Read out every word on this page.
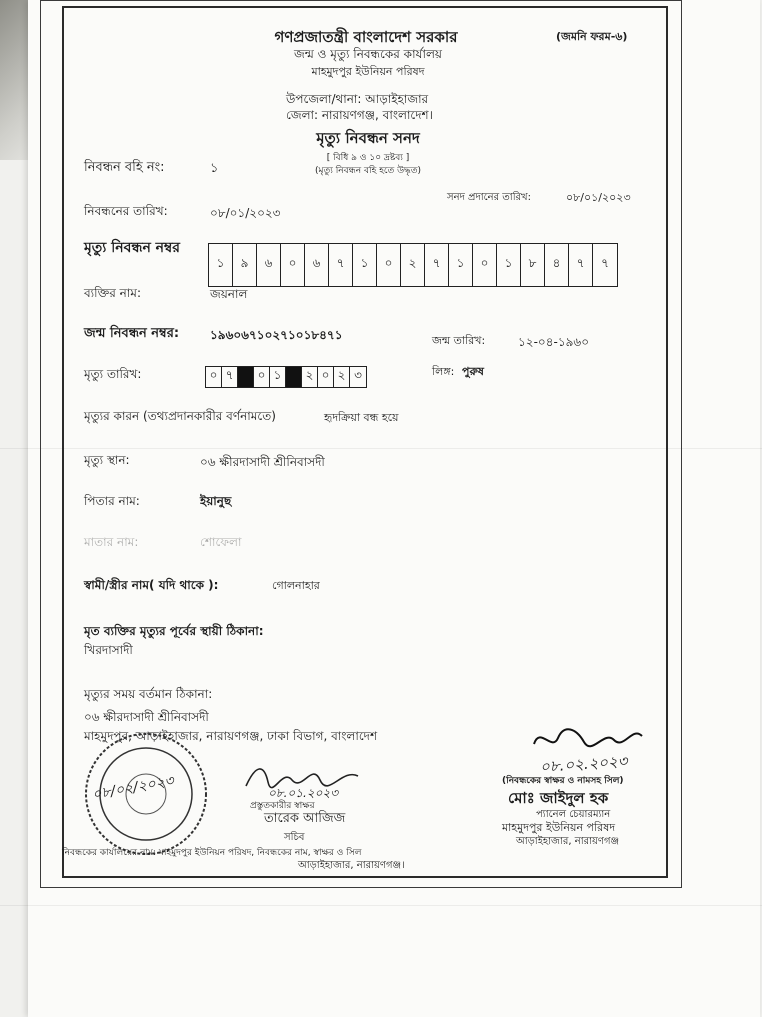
গণপ্রজাতন্ত্রী বাংলাদেশ সরকার	(জমনি ফরম-৬)
জন্ম ও মৃত্যু নিবন্ধকের কার্যালয়
মাহমুদপুর ইউনিয়ন পরিষদ
উপজেলা/থানা: আড়াইহাজার
জেলা: নারায়ণগঞ্জ, বাংলাদেশ।
মৃত্যু নিবন্ধন সনদ
[ বিধি ৯ ও ১০ দ্রষ্টব্য ]
(মৃত্যু নিবন্ধন বহি হতে উদ্ধৃত)
নিবন্ধন বহি নং:	১
সনদ প্রদানের তারিখ:	০৮/০১/২০২৩
নিবন্ধনের তারিখ:	০৮/০১/২০২৩
মৃত্যু নিবন্ধন নম্বর
১	৯	৬	০	৬	৭	১	০	২	৭	১	০	১	৮	৪	৭	৭
ব্যক্তির নাম:	জয়নাল
জন্ম নিবন্ধন নম্বর:	১৯৬০৬৭১০২৭১০১৮৪৭১	জন্ম তারিখ:	১২-০৪-১৯৬০
মৃত্যু তারিখ:	০ ৭	০ ১	২ ০ ২ ৩	লিঙ্গ: পুরুষ
মৃত্যুর কারন (তথ্যপ্রদানকারীর বর্ণনামতে)	হৃদক্রিয়া বন্ধ হয়ে
মৃত্যু স্থান:	০৬ ক্ষীরদাসাদী শ্রীনিবাসদী
পিতার নাম:	ইয়ানুছ
মাতার নাম:	শোফেলা
স্বামী/স্ত্রীর নাম( যদি থাকে ):	গোলনাহার
মৃত ব্যক্তির মৃত্যুর পূর্বের স্থায়ী ঠিকানা:
খিরদাসাদী
মৃত্যুর সময় বর্তমান ঠিকানা:
০৬ ক্ষীরদাসাদী শ্রীনিবাসদী
মাহমুদপুর, আড়াইহাজার, নারায়ণগঞ্জ, ঢাকা বিভাগ, বাংলাদেশ
০৮/০২/২০২৩	০৮.০১.২০২৩
প্রস্তুতকারীর স্বাক্ষর
তারেক আজিজ
সচিব
০৮.০২.২০২৩
(নিবন্ধকের স্বাক্ষর ও নামসহ সিল)
মোঃ জাইদুল হক
প্যানেল চেয়ারম্যান
মাহমুদপুর ইউনিয়ন পরিষদ
আড়াইহাজার, নারায়ণগঞ্জ
নিবন্ধকের কার্যালয়ের নাম: মাহমুদপুর ইউনিয়ন পরিষদ, নিবন্ধকের নাম, স্বাক্ষর ও সিল
আড়াইহাজার, নারায়ণগঞ্জ।
